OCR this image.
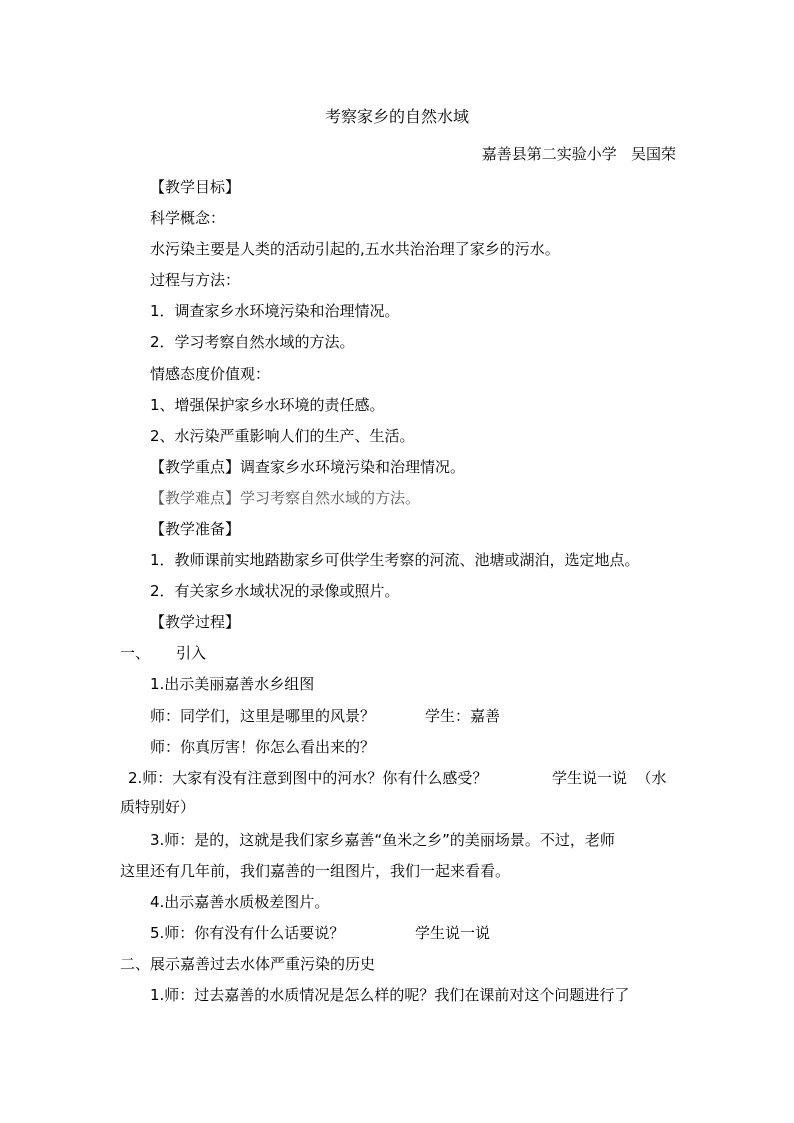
考察家乡的自然水域
嘉善县第二实验小学   吴国荣
【教学目标】
科学概念：
水污染主要是人类的活动引起的,五水共治治理了家乡的污水。
过程与方法：
1．调查家乡水环境污染和治理情况。
2．学习考察自然水域的方法。
情感态度价值观：
1、增强保护家乡水环境的责任感。
2、水污染严重影响人们的生产、生活。
【教学重点】调查家乡水环境污染和治理情况。
【教学难点】学习考察自然水域的方法。
【教学准备】
1．教师课前实地踏勘家乡可供学生考察的河流、池塘或湖泊，选定地点。
2．有关家乡水域状况的录像或照片。
【教学过程】
一、 引入
1.出示美丽嘉善水乡组图
师：同学们，这里是哪里的风景？	学生：嘉善
师：你真厉害！你怎么看出来的？
2.师：大家有没有注意到图中的河水？你有什么感受？	学生说一说  （水
质特别好）
3.师：是的，这就是我们家乡嘉善“鱼米之乡”的美丽场景。不过，老师
这里还有几年前，我们嘉善的一组图片，我们一起来看看。
4.出示嘉善水质极差图片。
5.师：你有没有什么话要说？	学生说一说
二、展示嘉善过去水体严重污染的历史
1.师：过去嘉善的水质情况是怎么样的呢？我们在课前对这个问题进行了
